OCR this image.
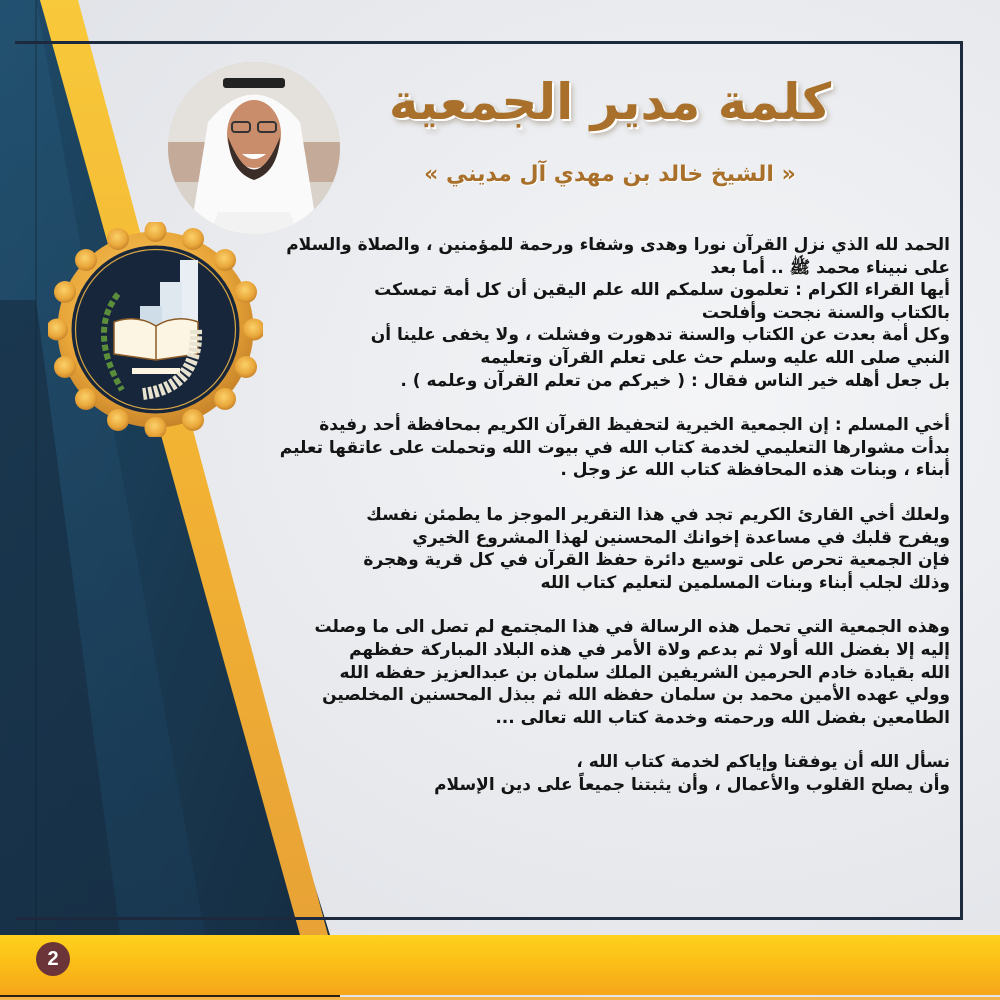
كلمة مدير الجمعية
« الشيخ خالد بن مهدي آل مديني »

الحمد لله الذي نزل القرآن نورا وهدى وشفاء ورحمة للمؤمنين ، والصلاة والسلام
على نبيناء محمد ﷺ .. أما بعد
أيها القراء الكرام : تعلمون سلمكم الله علم اليقين أن كل أمة تمسكت
بالكتاب والسنة نجحت وأفلحت
وكل أمة بعدت عن الكتاب والسنة تدهورت وفشلت ، ولا يخفى علينا أن
النبي صلى الله عليه وسلم حث على تعلم القرآن وتعليمه
بل جعل أهله خير الناس فقال : ( خيركم من تعلم القرآن وعلمه ) .

أخي المسلم : إن الجمعية الخيرية لتحفيظ القرآن الكريم بمحافظة أحد رفيدة
بدأت مشوارها التعليمي لخدمة كتاب الله في بيوت الله وتحملت على عاتقها تعليم
أبناء ، وبنات هذه المحافظة كتاب الله عز وجل .

ولعلك أخي القارئ الكريم تجد في هذا التقرير الموجز ما يطمئن نفسك
ويفرح قلبك في مساعدة إخوانك المحسنين لهذا المشروع الخيري
فإن الجمعية تحرص على توسيع دائرة حفظ القرآن في كل قرية وهجرة
وذلك لجلب أبناء وبنات المسلمين لتعليم كتاب الله

وهذه الجمعية التي تحمل هذه الرسالة في هذا المجتمع لم تصل الى ما وصلت
إليه إلا بفضل الله أولا ثم بدعم ولاة الأمر في هذه البلاد المباركة حفظهم
الله بقيادة خادم الحرمين الشريفين الملك سلمان بن عبدالعزيز حفظه الله
وولي عهده الأمين محمد بن سلمان حفظه الله ثم ببذل المحسنين المخلصين
الطامعين بفضل الله ورحمته وخدمة كتاب الله تعالى ...

نسأل الله أن يوفقنا وإياكم لخدمة كتاب الله ،
وأن يصلح القلوب والأعمال ، وأن يثبتنا جميعاً على دين الإسلام

2
